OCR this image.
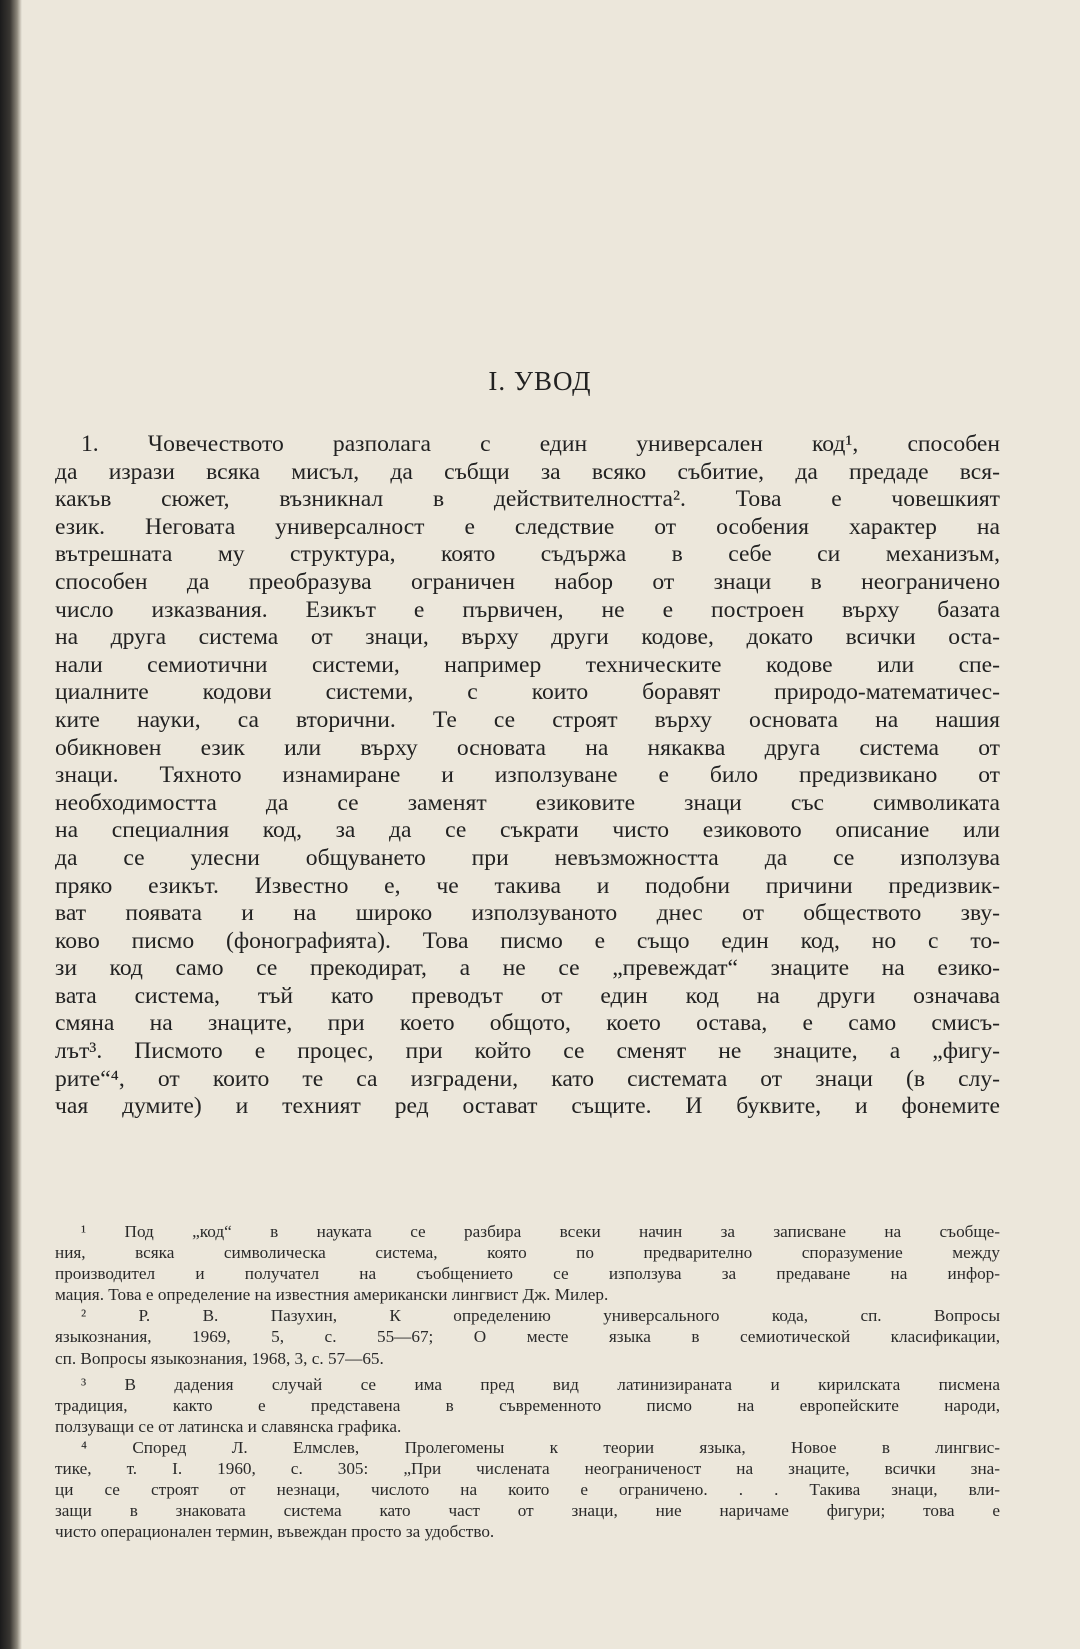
I. УВОД
1. Човечеството разполага с един универсален код¹, способен
да изрази всяка мисъл, да събщи за всяко събитие, да предаде вся-
какъв сюжет, възникнал в действителността². Това е човешкият
език. Неговата универсалност е следствие от особения характер на
вътрешната му структура, която съдържа в себе си механизъм,
способен да преобразува ограничен набор от знаци в неограничено
число изказвания. Езикът е първичен, не е построен върху базата
на друга система от знаци, върху други кодове, докато всички оста-
нали семиотични системи, например техническите кодове или спе-
циалните кодови системи, с които боравят природо-математичес-
ките науки, са вторични. Те се строят върху основата на нашия
обикновен език или върху основата на някаква друга система от
знаци. Тяхното изнамиране и използуване е било предизвикано от
необходимостта да се заменят езиковите знаци със символиката
на специалния код, за да се съкрати чисто езиковото описание или
да се улесни общуването при невъзможността да се използува
пряко езикът. Известно е, че такива и подобни причини предизвик-
ват появата и на широко използуваното днес от обществото зву-
ково писмо (фонографията). Това писмо е също един код, но с то-
зи код само се прекодират, а не се „превеждат“ знаците на езико-
вата система, тъй като преводът от един код на други означава
смяна на знаците, при което общото, което остава, е само смисъ-
лът³. Писмото е процес, при който се сменят не знаците, а „фигу-
рите“⁴, от които те са изградени, като системата от знаци (в слу-
чая думите) и техният ред остават същите. И буквите, и фонемите
¹ Под „код“ в науката се разбира всеки начин за записване на съобще-
ния, всяка символическа система, която по предварително споразумение между
производител и получател на съобщението се използува за предаване на инфор-
мация. Това е определение на известния американски лингвист Дж. Милер.
² Р. В. Пазухин, К определению универсального кода, сп. Вопросы
языкознания, 1969, 5, с. 55—67; О месте языка в семиотической класификации,
сп. Вопросы языкознания, 1968, 3, с. 57—65.
³ В дадения случай се има пред вид латинизираната и кирилската писмена
традиция, както е представена в съвременното писмо на европейските народи,
ползуващи се от латинска и славянска графика.
⁴ Според Л. Елмслев, Пролегомены к теории языка, Новое в лингвис-
тике, т. I. 1960, с. 305: „При числената неограниченост на знаците, всички зна-
ци се строят от незнаци, числото на които е ограничено. . . Такива знаци, вли-
защи в знаковата система като част от знаци, ние наричаме фигури; това е
чисто операционален термин, въвеждан просто за удобство.
